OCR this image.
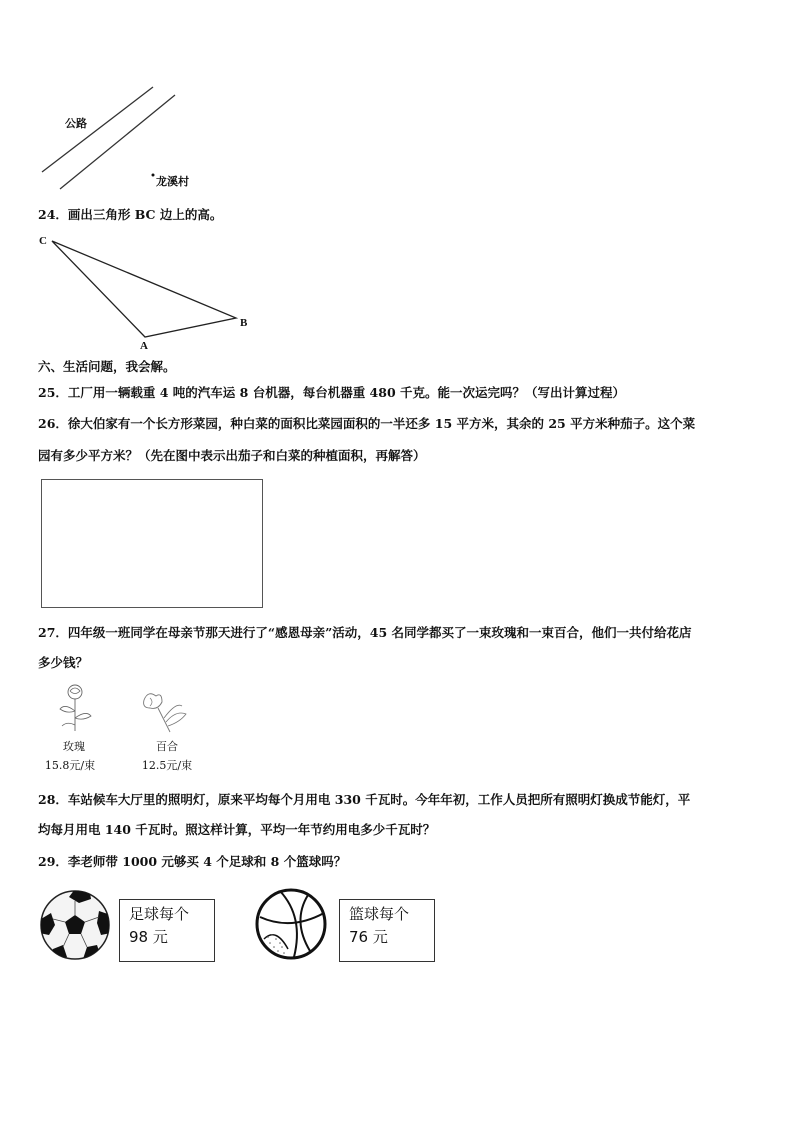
公路
龙溪村
24．画出三角形 BC 边上的高。
C
B
A
六、生活问题，我会解。
25．工厂用一辆载重 4 吨的汽车运 8 台机器，每台机器重 480 千克。能一次运完吗？（写出计算过程）
26．徐大伯家有一个长方形菜园，种白菜的面积比菜园面积的一半还多 15 平方米，其余的 25 平方米种茄子。这个菜
园有多少平方米？（先在图中表示出茄子和白菜的种植面积，再解答）
27．四年级一班同学在母亲节那天进行了“感恩母亲”活动，45 名同学都买了一束玫瑰和一束百合，他们一共付给花店
多少钱？
玫瑰
15.8元/束
百合
12.5元/束
28．车站候车大厅里的照明灯，原来平均每个月用电 330 千瓦时。今年年初，工作人员把所有照明灯换成节能灯，平
均每月用电 140 千瓦时。照这样计算，平均一年节约用电多少千瓦时？
29．李老师带 1000 元够买 4 个足球和 8 个篮球吗？
足球每个
98 元
篮球每个
76 元
